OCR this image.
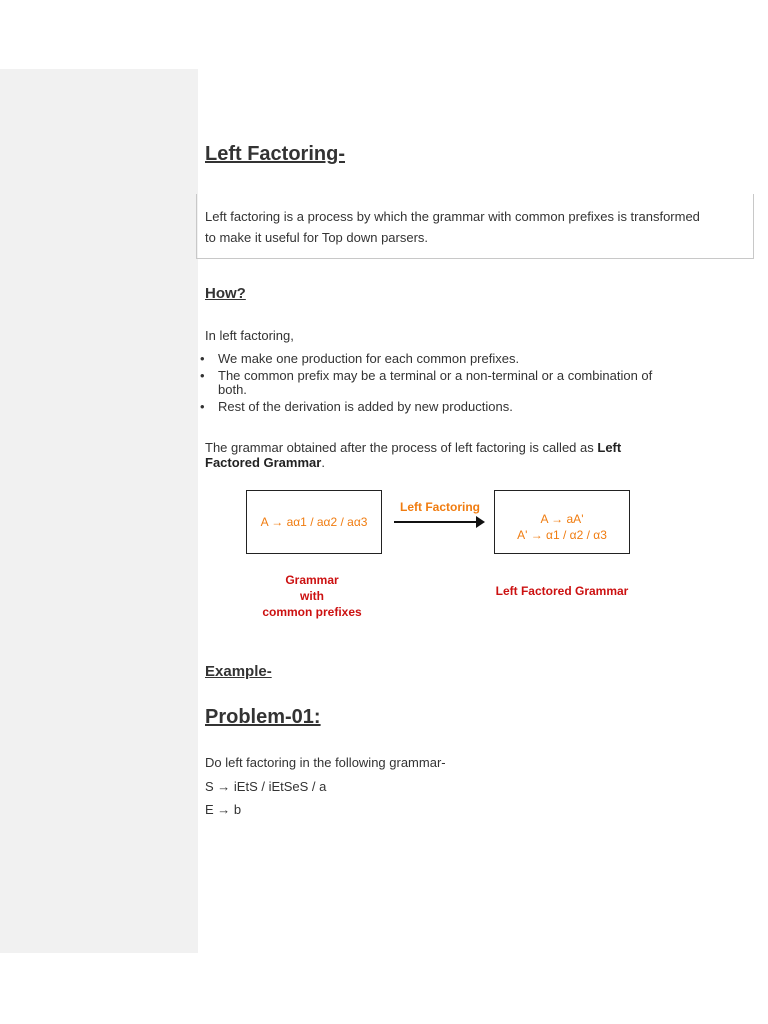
Left Factoring-
Left factoring is a process by which the grammar with common prefixes is transformed
to make it useful for Top down parsers.
How?
In left factoring,
• We make one production for each common prefixes.
• The common prefix may be a terminal or a non-terminal or a combination of both.
• Rest of the derivation is added by new productions.
The grammar obtained after the process of left factoring is called as Left Factored Grammar.
A → aα1 / aα2 / aα3
Left Factoring
A → aA'
A' → α1 / α2 / α3
Grammar
with
common prefixes
Left Factored Grammar
Example-
Problem-01:
Do left factoring in the following grammar-
S → iEtS / iEtSeS / a
E → b
